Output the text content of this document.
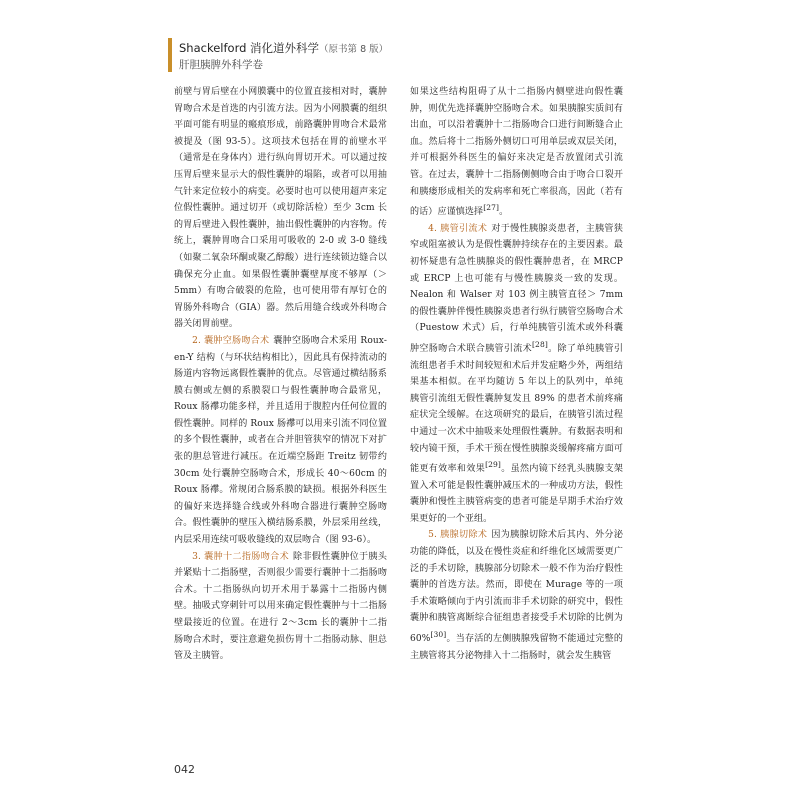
Shackelford 消化道外科学（原书第 8 版）
肝胆胰脾外科学卷

前壁与胃后壁在小网膜囊中的位置直接相对时，囊肿胃吻合术是首选的内引流方法。因为小网膜囊的组织平面可能有明显的瘢痕形成，前路囊肿胃吻合术最常被提及（图 93-5）。这项技术包括在胃的前壁水平（通常是在身体内）进行纵向胃切开术。可以通过按压胃后壁来显示大的假性囊肿的塌陷，或者可以用抽气针来定位较小的病变。必要时也可以使用超声来定位假性囊肿。通过切开（或切除活检）至少 3cm 长的胃后壁进入假性囊肿，抽出假性囊肿的内容物。传统上，囊肿胃吻合口采用可吸收的 2-0 或 3-0 缝线（如聚二氧杂环酮或聚乙醇酸）进行连续锁边缝合以确保充分止血。如果假性囊肿囊壁厚度不够厚（＞ 5mm）有吻合破裂的危险，也可使用带有厚钉仓的胃肠外科吻合（GIA）器。然后用缝合线或外科吻合器关闭胃前壁。

2. 囊肿空肠吻合术 囊肿空肠吻合术采用 Roux-en-Y 结构（与环状结构相比），因此具有保持流动的肠道内容物远离假性囊肿的优点。尽管通过横结肠系膜右侧或左侧的系膜裂口与假性囊肿吻合最常见，Roux 肠襻功能多样，并且适用于腹腔内任何位置的假性囊肿。同样的 Roux 肠襻可以用来引流不同位置的多个假性囊肿，或者在合并胆管狭窄的情况下对扩张的胆总管进行减压。在近端空肠距 Treitz 韧带约 30cm 处行囊肿空肠吻合术，形成长 40～60cm 的 Roux 肠襻。常规闭合肠系膜的缺损。根据外科医生的偏好来选择缝合线或外科吻合器进行囊肿空肠吻合。假性囊肿的壁压入横结肠系膜，外层采用丝线，内层采用连续可吸收缝线的双层吻合（图 93-6）。

3. 囊肿十二指肠吻合术 除非假性囊肿位于胰头并紧贴十二指肠壁，否则很少需要行囊肿十二指肠吻合术。十二指肠纵向切开术用于暴露十二指肠内侧壁。抽吸式穿刺针可以用来确定假性囊肿与十二指肠壁最接近的位置。在进行 2～3cm 长的囊肿十二指肠吻合术时，要注意避免损伤胃十二指肠动脉、胆总管及主胰管。

如果这些结构阻碍了从十二指肠内侧壁进向假性囊肿，则优先选择囊肿空肠吻合术。如果胰腺实质间有出血，可以沿着囊肿十二指肠吻合口进行间断缝合止血。然后将十二指肠外侧切口可用单层或双层关闭，并可根据外科医生的偏好来决定是否放置闭式引流管。在过去，囊肿十二指肠侧侧吻合由于吻合口裂开和胰瘘形成相关的发病率和死亡率很高，因此（若有的话）应谨慎选择[27]。

4. 胰管引流术 对于慢性胰腺炎患者，主胰管狭窄或阻塞被认为是假性囊肿持续存在的主要因素。最初怀疑患有急性胰腺炎的假性囊肿患者，在 MRCP 或 ERCP 上也可能有与慢性胰腺炎一致的发现。Nealon 和 Walser 对 103 例主胰管直径＞ 7mm 的假性囊肿伴慢性胰腺炎患者行纵行胰管空肠吻合术（Puestow 术式）后，行单纯胰管引流术或外科囊肿空肠吻合术联合胰管引流术[28]。除了单纯胰管引流组患者手术时间较短和术后并发症略少外，两组结果基本相似。在平均随访 5 年以上的队列中，单纯胰管引流组无假性囊肿复发且 89% 的患者术前疼痛症状完全缓解。在这项研究的最后，在胰管引流过程中通过一次术中抽吸来处理假性囊肿。有数据表明和较内镜干预，手术干预在慢性胰腺炎缓解疼痛方面可能更有效率和效果[29]。虽然内镜下经乳头胰腺支架置入术可能是假性囊肿减压术的一种成功方法，假性囊肿和慢性主胰管病变的患者可能是早期手术治疗效果更好的一个亚组。

5. 胰腺切除术 因为胰腺切除术后其内、外分泌功能的降低，以及在慢性炎症和纤维化区域需要更广泛的手术切除，胰腺部分切除术一般不作为治疗假性囊肿的首选方法。然而，即使在 Murage 等的一项手术策略倾向于内引流而非手术切除的研究中，假性囊肿和胰管离断综合征组患者接受手术切除的比例为 60%[30]。当存活的左侧胰腺残留物不能通过完整的主胰管将其分泌物排入十二指肠时，就会发生胰管

042
